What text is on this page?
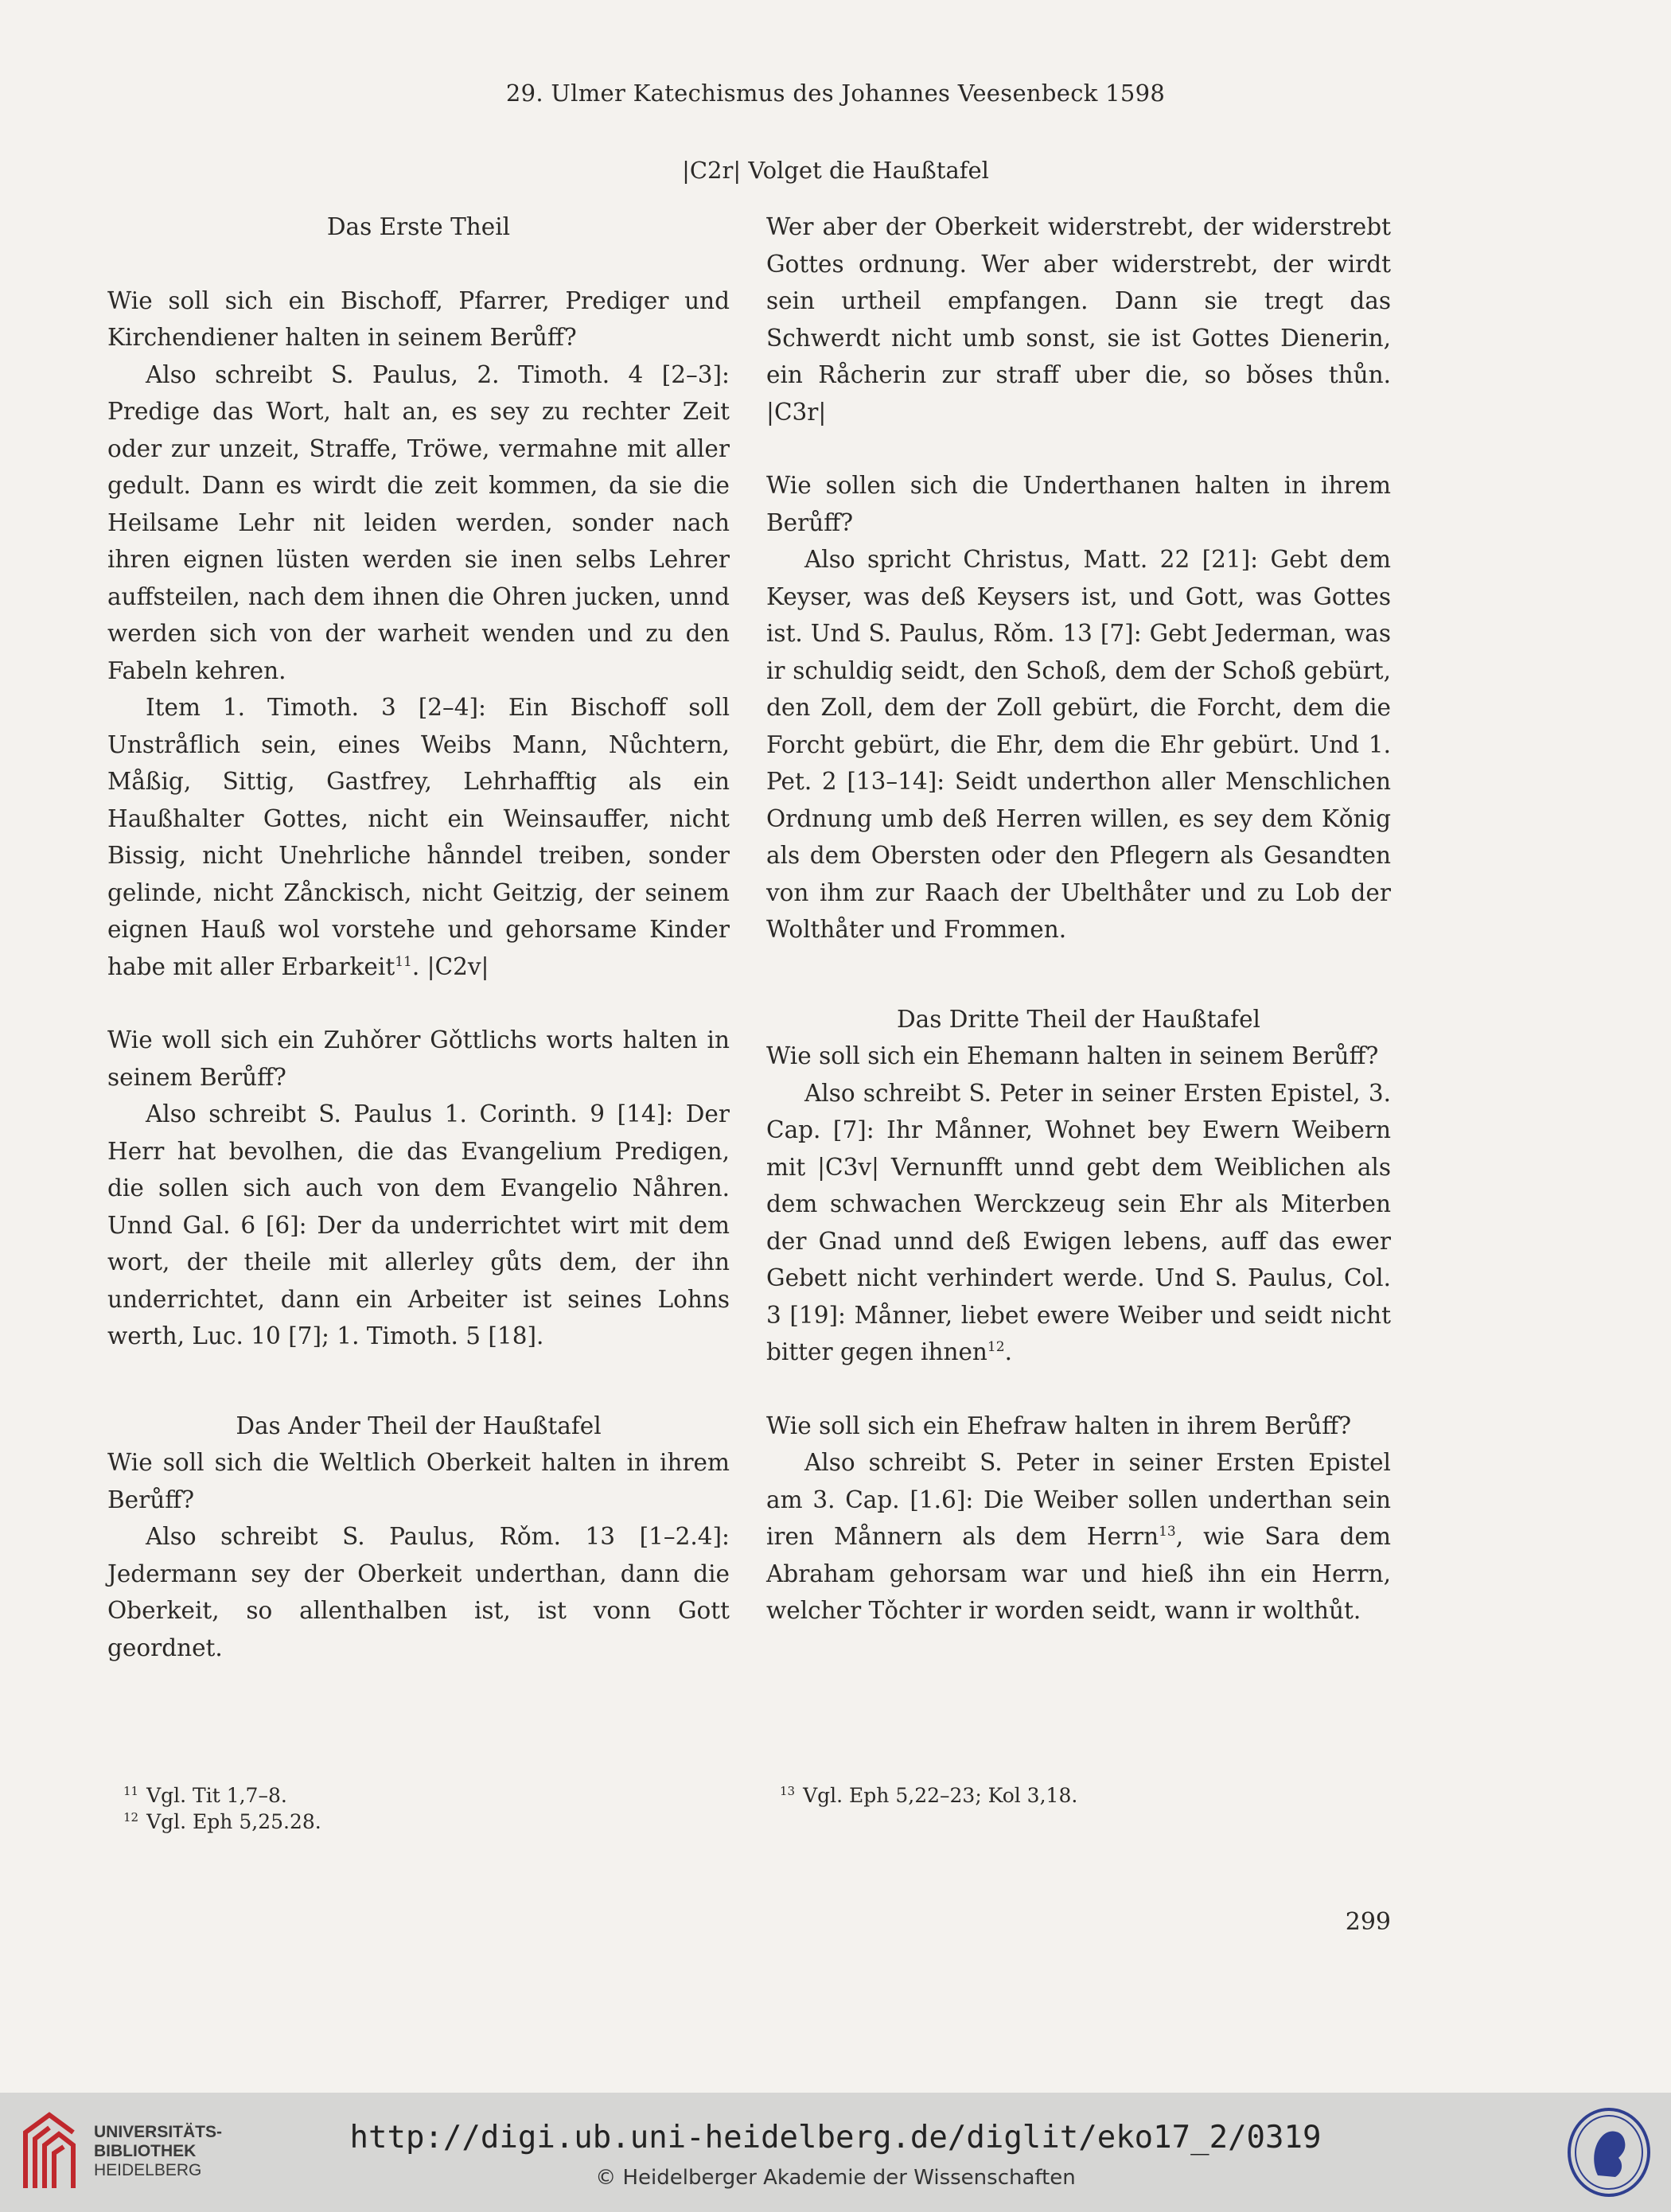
29. Ulmer Katechismus des Johannes Veesenbeck 1598
|C2r| Volget die Haußtafel

Das Erste Theil

Wie soll sich ein Bischoff, Pfarrer, Prediger und Kirchendiener halten in seinem Berůff?

Also schreibt S. Paulus, 2. Timoth. 4 [2–3]: Predige das Wort, halt an, es sey zu rechter Zeit oder zur unzeit, Straffe, Tröwe, vermahne mit aller gedult. Dann es wirdt die zeit kommen, da sie die Heilsame Lehr nit leiden werden, sonder nach ihren eignen lüsten werden sie inen selbs Lehrer auffsteilen, nach dem ihnen die Ohren jucken, unnd werden sich von der warheit wenden und zu den Fabeln kehren.

Item 1. Timoth. 3 [2–4]: Ein Bischoff soll Unstråflich sein, eines Weibs Mann, Nůchtern, Måßig, Sittig, Gastfrey, Lehrhafftig als ein Haußhalter Gottes, nicht ein Weinsauffer, nicht Bissig, nicht Unehrliche hånndel treiben, sonder gelinde, nicht Zånckisch, nicht Geitzig, der seinem eignen Hauß wol vorstehe und gehorsame Kinder habe mit aller Erbarkeit$^{11}$. |C2v|

Wie woll sich ein Zuhǒrer Gǒttlichs worts halten in seinem Berůff?

Also schreibt S. Paulus 1. Corinth. 9 [14]: Der Herr hat bevolhen, die das Evangelium Predigen, die sollen sich auch von dem Evangelio Nåhren. Unnd Gal. 6 [6]: Der da underrichtet wirt mit dem wort, der theile mit allerley gůts dem, der ihn underrichtet, dann ein Arbeiter ist seines Lohns werth, Luc. 10 [7]; 1. Timoth. 5 [18].

Das Ander Theil der Haußtafel

Wie soll sich die Weltlich Oberkeit halten in ihrem Berůff?

Also schreibt S. Paulus, Rǒm. 13 [1–2.4]: Jedermann sey der Oberkeit underthan, dann die Oberkeit, so allenthalben ist, ist vonn Gott geordnet.

Wer aber der Oberkeit widerstrebt, der widerstrebt Gottes ordnung. Wer aber widerstrebt, der wirdt sein urtheil empfangen. Dann sie tregt das Schwerdt nicht umb sonst, sie ist Gottes Dienerin, ein Råcherin zur straff uber die, so bǒses thůn. |C3r|

Wie sollen sich die Underthanen halten in ihrem Berůff?

Also spricht Christus, Matt. 22 [21]: Gebt dem Keyser, was deß Keysers ist, und Gott, was Gottes ist. Und S. Paulus, Rǒm. 13 [7]: Gebt Jederman, was ir schuldig seidt, den Schoß, dem der Schoß gebürt, den Zoll, dem der Zoll gebürt, die Forcht, dem die Forcht gebürt, die Ehr, dem die Ehr gebürt. Und 1. Pet. 2 [13–14]: Seidt underthon aller Menschlichen Ordnung umb deß Herren willen, es sey dem Kǒnig als dem Obersten oder den Pflegern als Gesandten von ihm zur Raach der Ubelthåter und zu Lob der Wolthåter und Frommen.

Das Dritte Theil der Haußtafel

Wie soll sich ein Ehemann halten in seinem Berůff?

Also schreibt S. Peter in seiner Ersten Epistel, 3. Cap. [7]: Ihr Månner, Wohnet bey Ewern Weibern mit |C3v| Vernunfft unnd gebt dem Weiblichen als dem schwachen Werckzeug sein Ehr als Miterben der Gnad unnd deß Ewigen lebens, auff das ewer Gebett nicht verhindert werde. Und S. Paulus, Col. 3 [19]: Månner, liebet ewere Weiber und seidt nicht bitter gegen ihnen$^{12}$.

Wie soll sich ein Ehefraw halten in ihrem Berůff?

Also schreibt S. Peter in seiner Ersten Epistel am 3. Cap. [1.6]: Die Weiber sollen underthan sein iren Månnern als dem Herrn$^{13}$, wie Sara dem Abraham gehorsam war und hieß ihn ein Herrn, welcher Tǒchter ir worden seidt, wann ir wolthůt.

$^{11}$ Vgl. Tit 1,7–8.
$^{12}$ Vgl. Eph 5,25.28.
$^{13}$ Vgl. Eph 5,22–23; Kol 3,18.
299
UNIVERSITÄTS-
BIBLIOTHEK
HEIDELBERG
http://digi.ub.uni-heidelberg.de/diglit/eko17_2/0319
© Heidelberger Akademie der Wissenschaften
